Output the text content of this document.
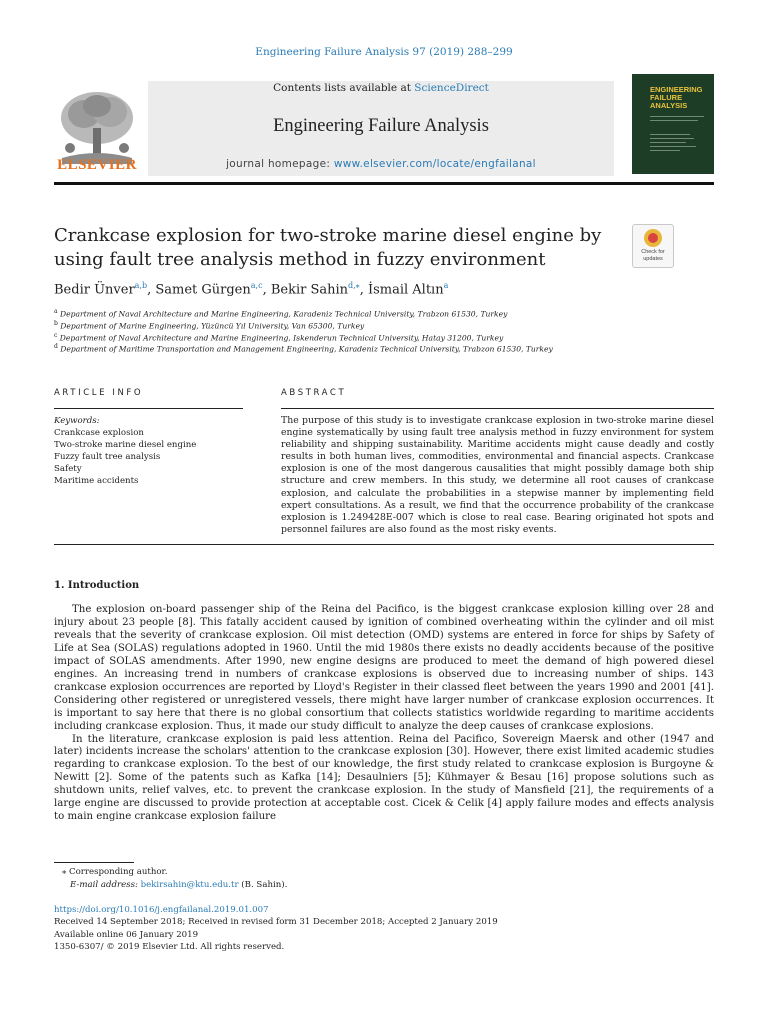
Engineering Failure Analysis 97 (2019) 288–299
ELSEVIER
Contents lists available at ScienceDirect
Engineering Failure Analysis
journal homepage: www.elsevier.com/locate/engfailanal
ENGINEERING FAILURE ANALYSIS
Crankcase explosion for two-stroke marine diesel engine by using fault tree analysis method in fuzzy environment	Check for updates
Bedir Ünver$^{a,b}$, Samet Gürgen$^{a,c}$, Bekir Sahin$^{d,⁎}$, İsmail Altın$^a$
$^a$ Department of Naval Architecture and Marine Engineering, Karadeniz Technical University, Trabzon 61530, Turkey
$^b$ Department of Marine Engineering, Yüzüncü Yıl University, Van 65300, Turkey
$^c$ Department of Naval Architecture and Marine Engineering, Iskenderun Technical University, Hatay 31200, Turkey
$^d$ Department of Maritime Transportation and Management Engineering, Karadeniz Technical University, Trabzon 61530, Turkey
ARTICLE INFO	ABSTRACT
Keywords:
Crankcase explosion
Two-stroke marine diesel engine
Fuzzy fault tree analysis
Safety
Maritime accidents
The purpose of this study is to investigate crankcase explosion in two-stroke marine diesel engine systematically by using fault tree analysis method in fuzzy environment for system reliability and shipping sustainability. Maritime accidents might cause deadly and costly results in both human lives, commodities, environmental and financial aspects. Crankcase explosion is one of the most dangerous causalities that might possibly damage both ship structure and crew members. In this study, we determine all root causes of crankcase explosion, and calculate the probabilities in a stepwise manner by implementing field expert consultations. As a result, we find that the occurrence probability of the crankcase explosion is 1.249428E-007 which is close to real case. Bearing originated hot spots and personnel failures are also found as the most risky events.
1. Introduction

The explosion on-board passenger ship of the Reina del Pacifico, is the biggest crankcase explosion killing over 28 and injury about 23 people [8]. This fatally accident caused by ignition of combined overheating within the cylinder and oil mist reveals that the severity of crankcase explosion. Oil mist detection (OMD) systems are entered in force for ships by Safety of Life at Sea (SOLAS) regulations adopted in 1960. Until the mid 1980s there exists no deadly accidents because of the positive impact of SOLAS amendments. After 1990, new engine designs are produced to meet the demand of high powered diesel engines. An increasing trend in numbers of crankcase explosions is observed due to increasing number of ships. 143 crankcase explosion occurrences are reported by Lloyd's Register in their classed fleet between the years 1990 and 2001 [41]. Considering other registered or unregistered vessels, there might have larger number of crankcase explosion occurrences. It is important to say here that there is no global consortium that collects statistics worldwide regarding to maritime accidents including crankcase explosion. Thus, it made our study difficult to analyze the deep causes of crankcase explosions.

In the literature, crankcase explosion is paid less attention. Reina del Pacifico, Sovereign Maersk and other (1947 and later) incidents increase the scholars' attention to the crankcase explosion [30]. However, there exist limited academic studies regarding to crankcase explosion. To the best of our knowledge, the first study related to crankcase explosion is Burgoyne & Newitt [2]. Some of the patents such as Kafka [14]; Desaulniers [5]; Kühmayer & Besau [16] propose solutions such as shutdown units, relief valves, etc. to prevent the crankcase explosion. In the study of Mansfield [21], the requirements of a large engine are discussed to provide protection at acceptable cost. Cicek & Celik [4] apply failure modes and effects analysis to main engine crankcase explosion failure

⁎ Corresponding author.
E-mail address: bekirsahin@ktu.edu.tr (B. Sahin).
https://doi.org/10.1016/j.engfailanal.2019.01.007
Received 14 September 2018; Received in revised form 31 December 2018; Accepted 2 January 2019
Available online 06 January 2019
1350-6307/ © 2019 Elsevier Ltd. All rights reserved.
